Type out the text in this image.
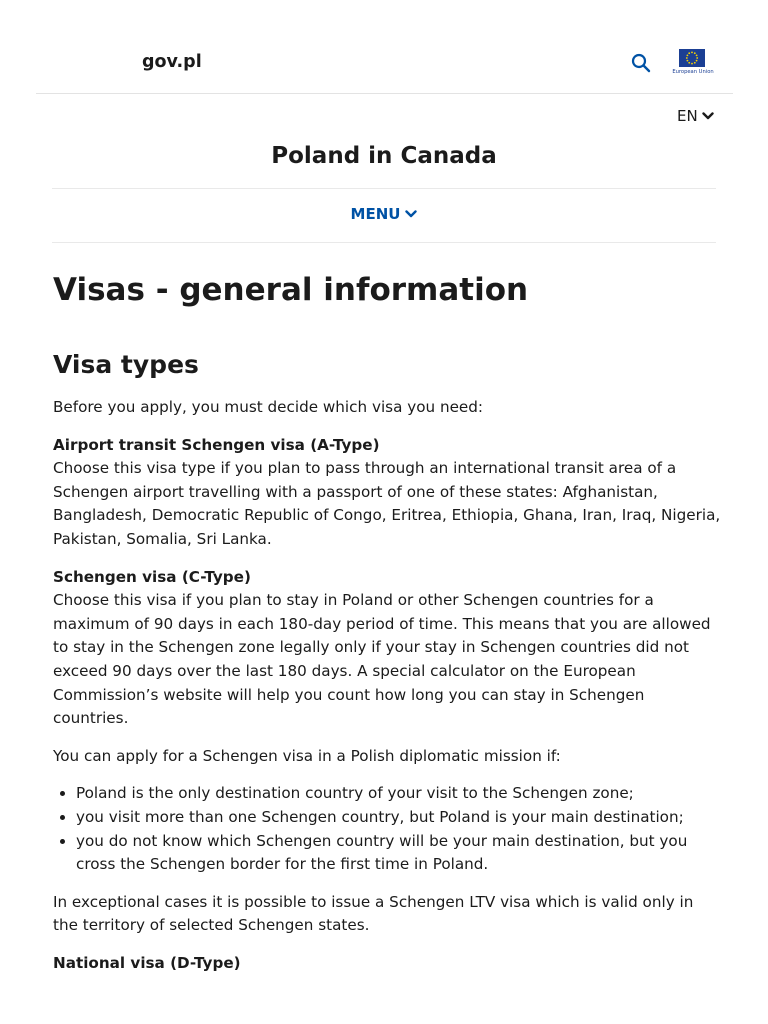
gov.pl	European Union
EN
Poland in Canada
MENU
Visas - general information
Visa types

Before you apply, you must decide which visa you need:

Airport transit Schengen visa (A-Type)
Choose this visa type if you plan to pass through an international transit area of a Schengen airport travelling with a passport of one of these states: Afghanistan, Bangladesh, Democratic Republic of Congo, Eritrea, Ethiopia, Ghana, Iran, Iraq, Nigeria, Pakistan, Somalia, Sri Lanka.

Schengen visa (C-Type)
Choose this visa if you plan to stay in Poland or other Schengen countries for a maximum of 90 days in each 180-day period of time. This means that you are allowed to stay in the Schengen zone legally only if your stay in Schengen countries did not exceed 90 days over the last 180 days. A special calculator on the European Commission’s website will help you count how long you can stay in Schengen countries.

You can apply for a Schengen visa in a Polish diplomatic mission if:

• Poland is the only destination country of your visit to the Schengen zone;
• you visit more than one Schengen country, but Poland is your main destination;
• you do not know which Schengen country will be your main destination, but you cross the Schengen border for the first time in Poland.

In exceptional cases it is possible to issue a Schengen LTV visa which is valid only in the territory of selected Schengen states.

National visa (D-Type)
